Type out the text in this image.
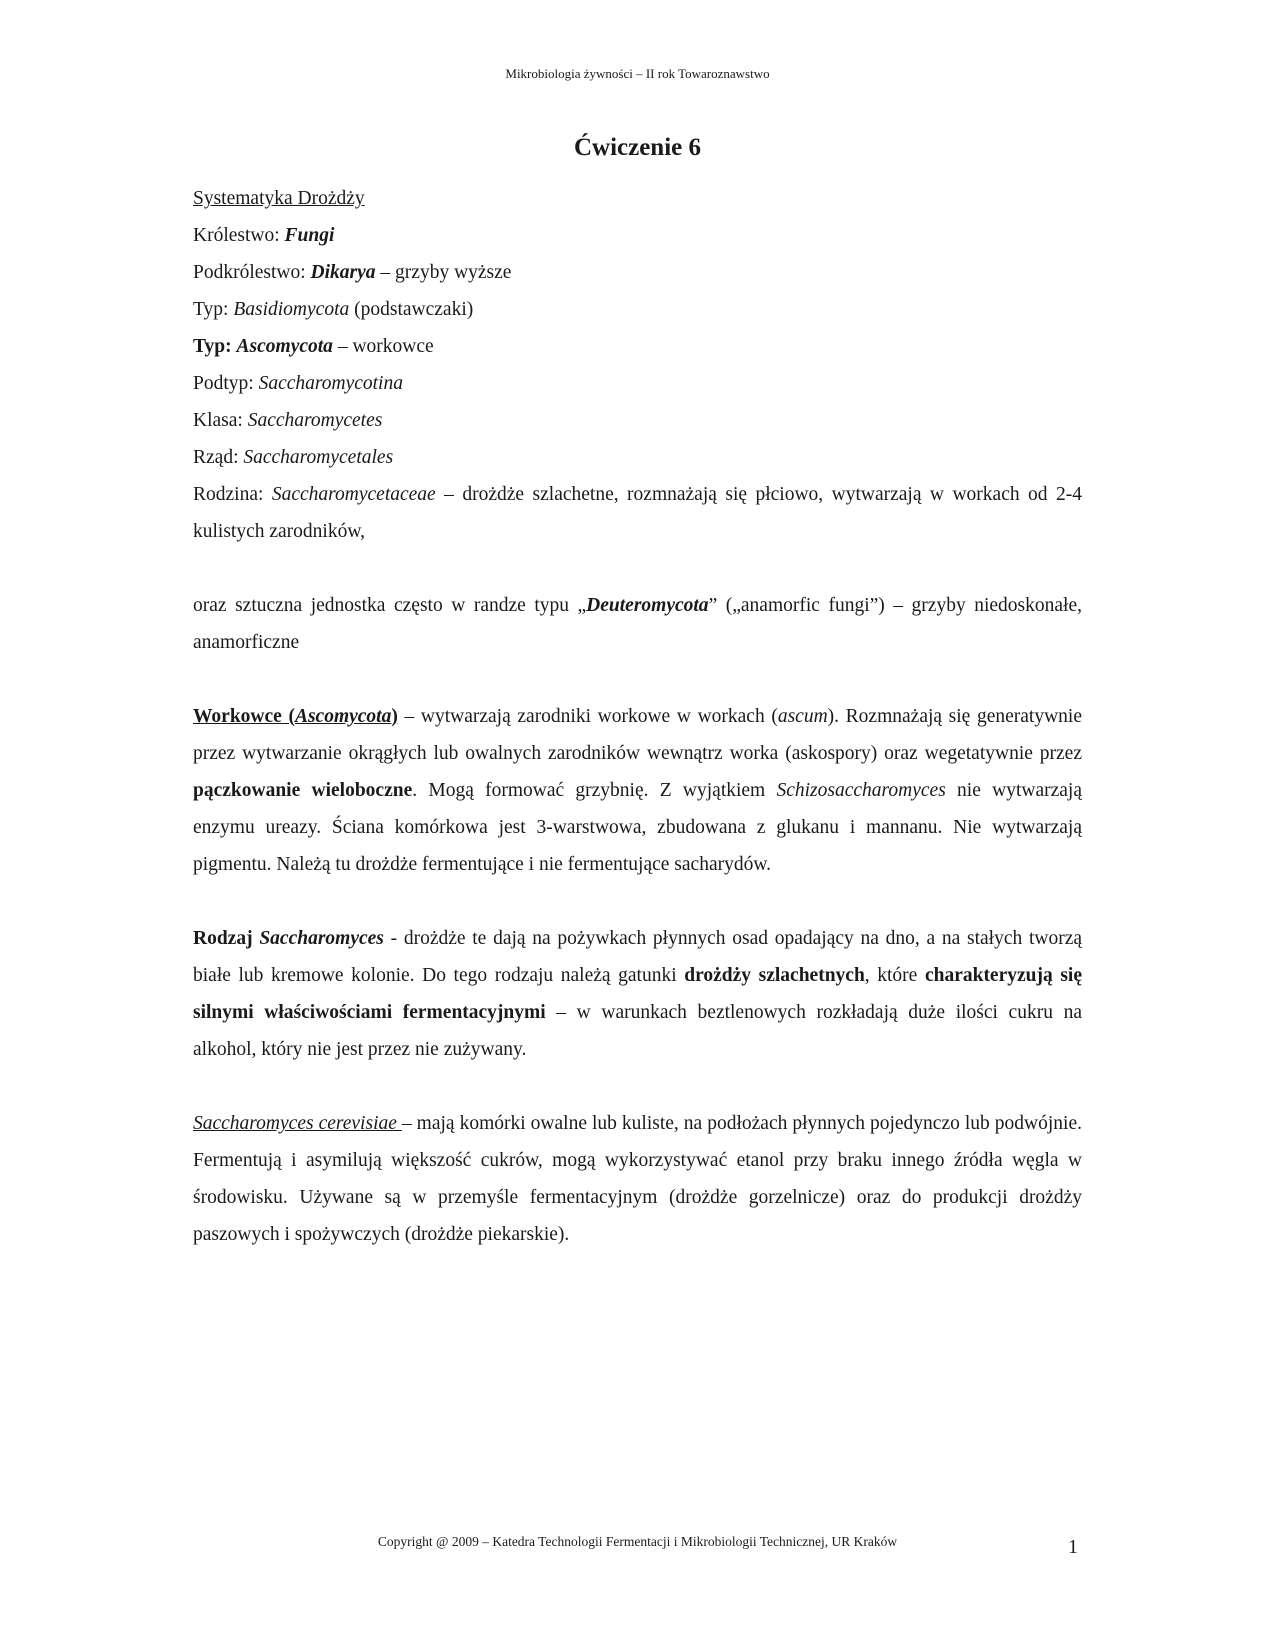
Mikrobiologia żywności – II rok Towaroznawstwo
Ćwiczenie 6
Systematyka Drożdży
Królestwo: Fungi
Podkrólestwo: Dikarya – grzyby wyższe
Typ: Basidiomycota (podstawczaki)
Typ: Ascomycota – workowce
Podtyp: Saccharomycotina
Klasa: Saccharomycetes
Rząd: Saccharomycetales

Rodzina: Saccharomycetaceae – drożdże szlachetne, rozmnażają się płciowo, wytwarzają w workach od 2-4 kulistych zarodników,

oraz sztuczna jednostka często w randze typu „Deuteromycota” („anamorfic fungi”) – grzyby niedoskonałe, anamorficzne

Workowce (Ascomycota) – wytwarzają zarodniki workowe w workach (ascum). Rozmnażają się generatywnie przez wytwarzanie okrągłych lub owalnych zarodników wewnątrz worka (askospory) oraz wegetatywnie przez pączkowanie wieloboczne. Mogą formować grzybnię. Z wyjątkiem Schizosaccharomyces nie wytwarzają enzymu ureazy. Ściana komórkowa jest 3-warstwowa, zbudowana z glukanu i mannanu. Nie wytwarzają pigmentu. Należą tu drożdże fermentujące i nie fermentujące sacharydów.

Rodzaj Saccharomyces - drożdże te dają na pożywkach płynnych osad opadający na dno, a na stałych tworzą białe lub kremowe kolonie. Do tego rodzaju należą gatunki drożdży szlachetnych, które charakteryzują się silnymi właściwościami fermentacyjnymi – w warunkach beztlenowych rozkładają duże ilości cukru na alkohol, który nie jest przez nie zużywany.

Saccharomyces cerevisiae – mają komórki owalne lub kuliste, na podłożach płynnych pojedynczo lub podwójnie. Fermentują i asymilują większość cukrów, mogą wykorzystywać etanol przy braku innego źródła węgla w środowisku. Używane są w przemyśle fermentacyjnym (drożdże gorzelnicze) oraz do produkcji drożdży paszowych i spożywczych (drożdże piekarskie).

Copyright @ 2009 – Katedra Technologii Fermentacji i Mikrobiologii Technicznej, UR Kraków	1
